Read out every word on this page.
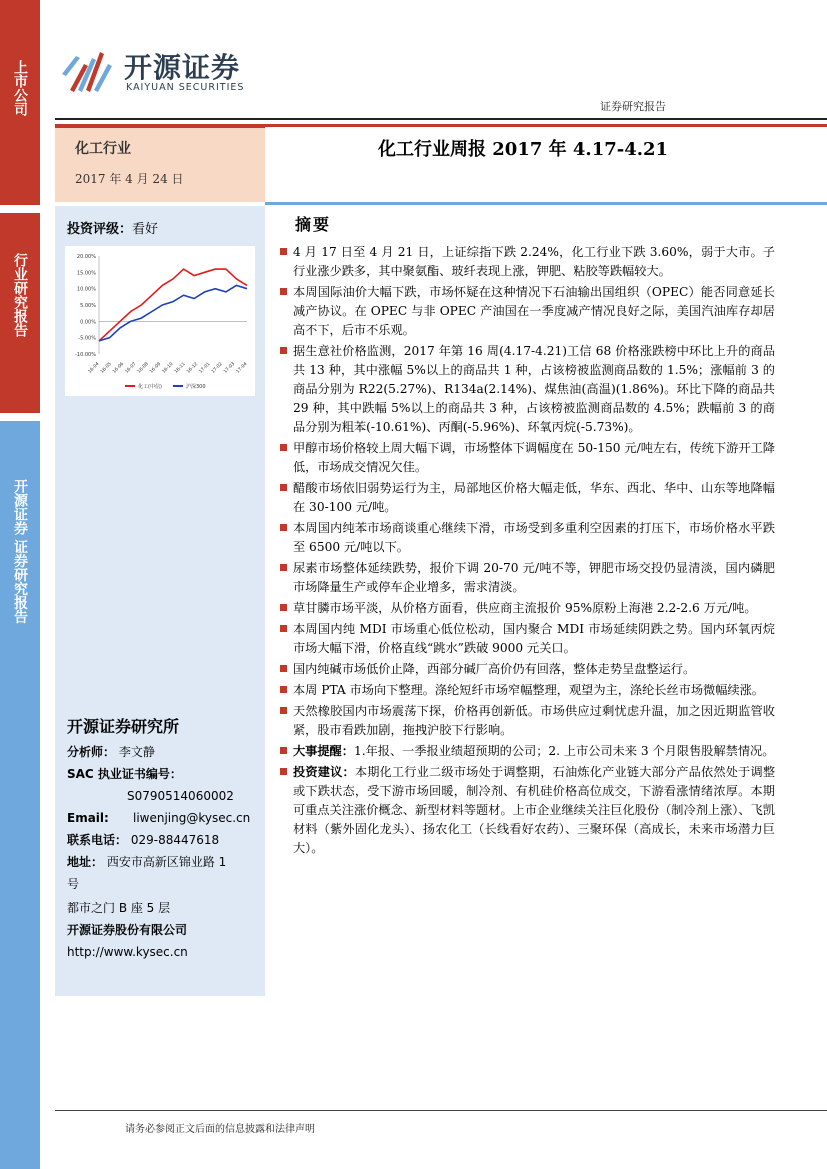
上市公司
行业研究报告
开源证券 证券研究报告
开源证券
KAIYUAN SECURITIES
证券研究报告
化工行业
2017 年 4 月 24 日
化工行业周报 2017 年 4.17-4.21
投资评级：看好
20.00%
15.00%
10.00%
5.00%
0.00%
-5.00%
-10.00%
16-04 16-05 16-06 16-07 16-08 16-09 16-10 16-11 16-12 17-01 17-02 17-03 17-04
化工(中信)	沪深300
开源证券研究所
分析师： 李文静
SAC 执业证书编号：
S0790514060002
Email: liwenjing@kysec.cn
联系电话： 029-88447618
地址： 西安市高新区锦业路 1
号
都市之门 B 座 5 层
开源证券股份有限公司
http://www.kysec.cn
摘要
4 月 17 日至 4 月 21 日，上证综指下跌 2.24%，化工行业下跌 3.60%，弱于大市。子行业涨少跌多，其中聚氨酯、玻纤表现上涨，钾肥、粘胶等跌幅较大。
本周国际油价大幅下跌，市场怀疑在这种情况下石油输出国组织（OPEC）能否同意延长减产协议。在 OPEC 与非 OPEC 产油国在一季度减产情况良好之际，美国汽油库存却居高不下，后市不乐观。
据生意社价格监测，2017 年第 16 周(4.17-4.21)工信 68 价格涨跌榜中环比上升的商品共 13 种，其中涨幅 5%以上的商品共 1 种，占该榜被监测商品数的 1.5%；涨幅前 3 的商品分别为 R22(5.27%)、R134a(2.14%)、煤焦油(高温)(1.86%)。环比下降的商品共 29 种，其中跌幅 5%以上的商品共 3 种，占该榜被监测商品数的 4.5%；跌幅前 3 的商品分别为粗苯(-10.61%)、丙酮(-5.96%)、环氧丙烷(-5.73%)。
甲醇市场价格较上周大幅下调，市场整体下调幅度在 50-150 元/吨左右，传统下游开工降低，市场成交情况欠佳。
醋酸市场依旧弱势运行为主，局部地区价格大幅走低，华东、西北、华中、山东等地降幅在 30-100 元/吨。
本周国内纯苯市场商谈重心继续下滑，市场受到多重利空因素的打压下，市场价格水平跌至 6500 元/吨以下。
尿素市场整体延续跌势，报价下调 20-70 元/吨不等，钾肥市场交投仍显清淡，国内磷肥市场降量生产或停车企业增多，需求清淡。
草甘膦市场平淡，从价格方面看，供应商主流报价 95%原粉上海港 2.2-2.6 万元/吨。
本周国内纯 MDI 市场重心低位松动，国内聚合 MDI 市场延续阴跌之势。国内环氧丙烷市场大幅下滑，价格直线“跳水”跌破 9000 元关口。
国内纯碱市场低价止降，西部分碱厂高价仍有回落，整体走势呈盘整运行。
本周 PTA 市场向下整理。涤纶短纤市场窄幅整理，观望为主，涤纶长丝市场微幅续涨。
天然橡胶国内市场震荡下探，价格再创新低。市场供应过剩忧虑升温，加之因近期监管收紧，股市看跌加剧，拖拽沪胶下行影响。
大事提醒：1.年报、一季报业绩超预期的公司；2. 上市公司未来 3 个月限售股解禁情况。
投资建议：本期化工行业二级市场处于调整期，石油炼化产业链大部分产品依然处于调整或下跌状态，受下游市场回暖，制冷剂、有机硅价格高位成交，下游看涨情绪浓厚。本期可重点关注涨价概念、新型材料等题材。上市企业继续关注巨化股份（制冷剂上涨）、飞凯材料（紫外固化龙头）、扬农化工（长线看好农药）、三聚环保（高成长，未来市场潜力巨大）。
请务必参阅正文后面的信息披露和法律声明
